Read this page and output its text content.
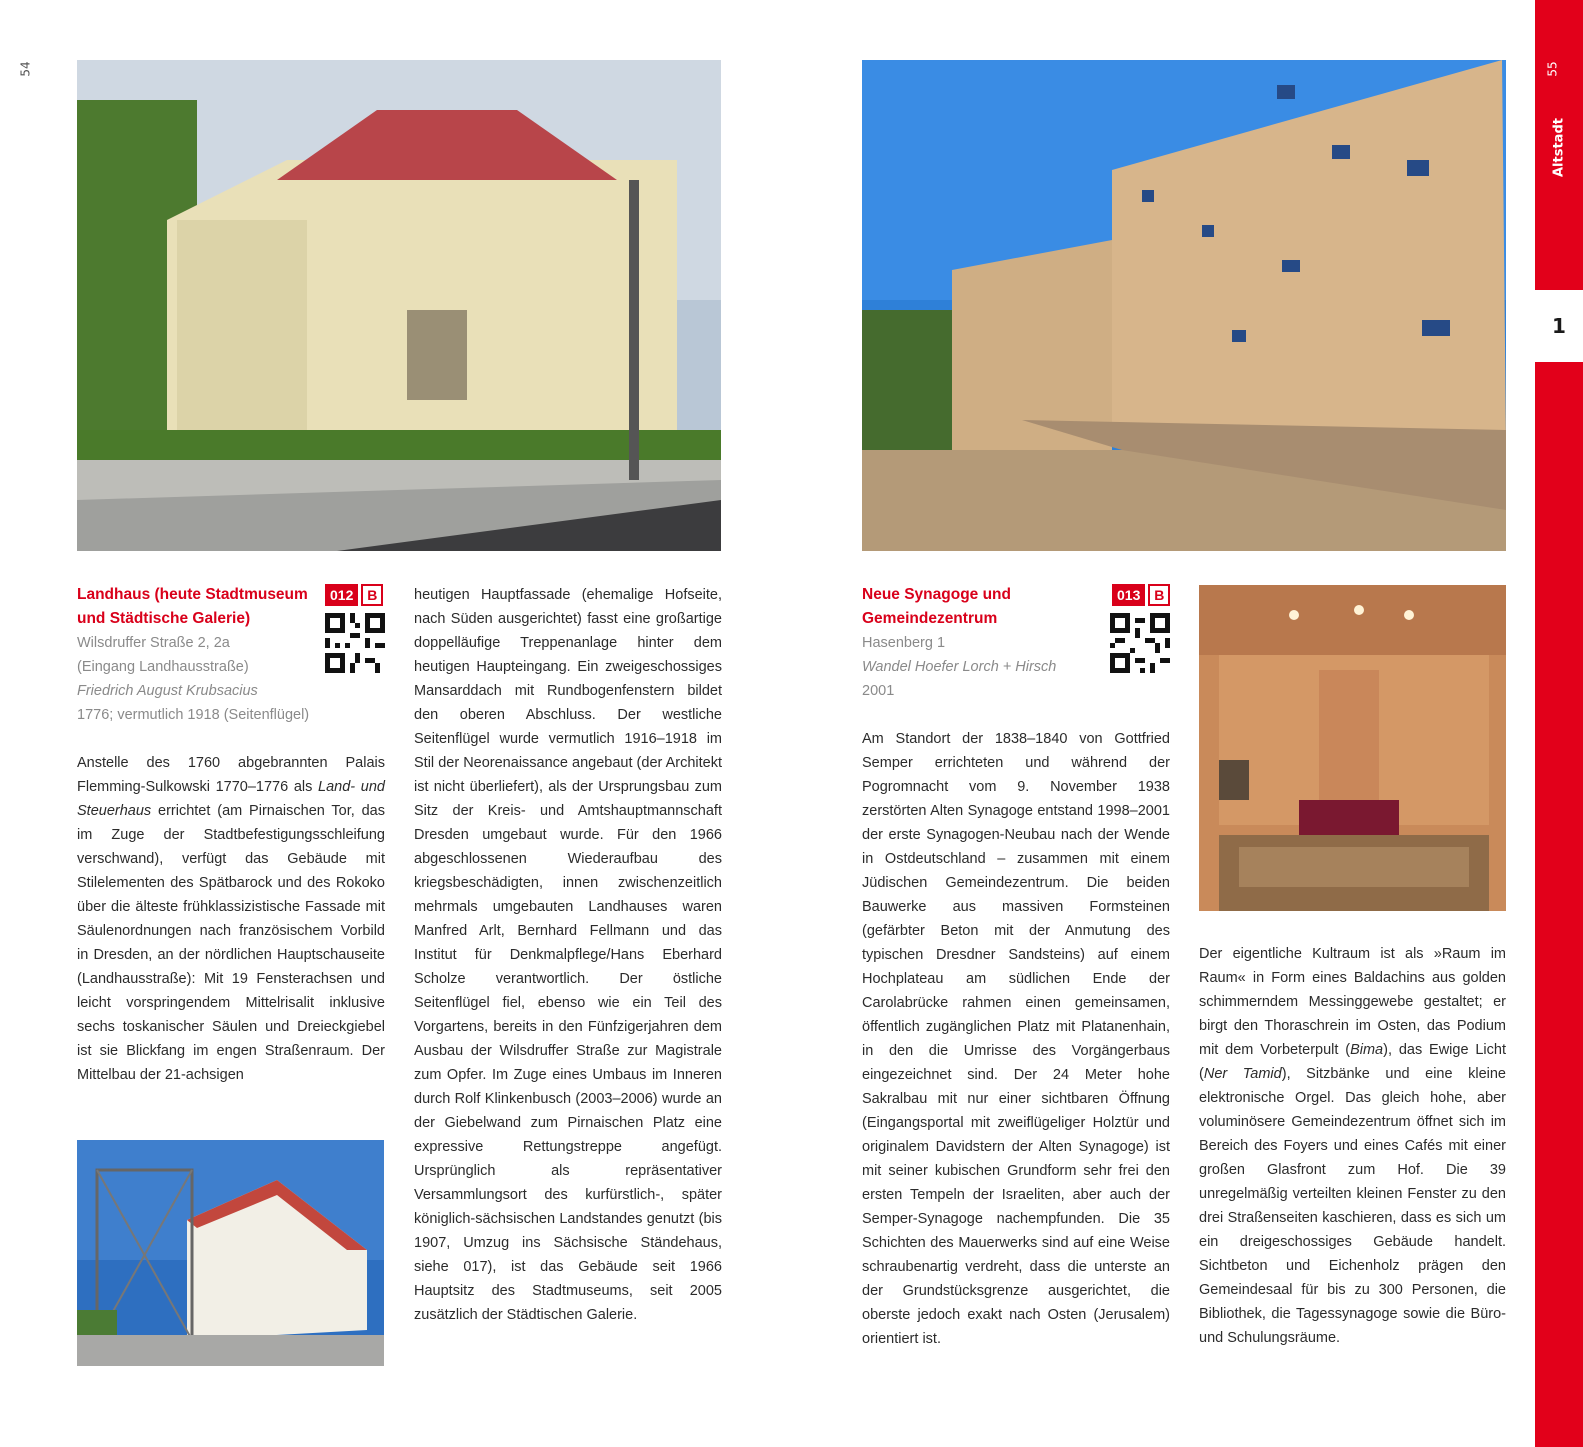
54	55
Altstadt
1
Landhaus (heute Stadtmuseum
und Städtische Galerie)
012 B
Wilsdruffer Straße 2, 2a
(Eingang Landhausstraße)
Friedrich August Krubsacius
1776; vermutlich 1918 (Seitenflügel)
Anstelle des 1760 abgebrannten Palais Flemming-Sulkowski 1770–1776 als Land- und Steuerhaus errichtet (am Pirnaischen Tor, das im Zuge der Stadtbefestigungsschleifung verschwand), verfügt das Gebäude mit Stilelementen des Spätbarock und des Rokoko über die älteste frühklassizistische Fassade mit Säulenordnungen nach französischem Vorbild in Dresden, an der nördlichen Hauptschauseite (Landhausstraße): Mit 19 Fensterachsen und leicht vorspringendem Mittelrisalit inklusive sechs toskanischer Säulen und Dreieckgiebel ist sie Blickfang im engen Straßenraum. Der Mittelbau der 21-achsigen
heutigen Hauptfassade (ehemalige Hofseite, nach Süden ausgerichtet) fasst eine großartige doppelläufige Treppenanlage hinter dem heutigen Haupteingang. Ein zweigeschossiges Mansarddach mit Rundbogenfenstern bildet den oberen Abschluss. Der westliche Seitenflügel wurde vermutlich 1916–1918 im Stil der Neorenaissance angebaut (der Architekt ist nicht überliefert), als der Ursprungsbau zum Sitz der Kreis- und Amtshauptmannschaft Dresden umgebaut wurde. Für den 1966 abgeschlossenen Wiederaufbau des kriegsbeschädigten, innen zwischenzeitlich mehrmals umgebauten Landhauses waren Manfred Arlt, Bernhard Fellmann und das Institut für Denkmalpflege/Hans Eberhard Scholze verantwortlich. Der östliche Seitenflügel fiel, ebenso wie ein Teil des Vorgartens, bereits in den Fünfzigerjahren dem Ausbau der Wilsdruffer Straße zur Magistrale zum Opfer. Im Zuge eines Umbaus im Inneren durch Rolf Klinkenbusch (2003–2006) wurde an der Giebelwand zum Pirnaischen Platz eine expressive Rettungstreppe angefügt. Ursprünglich als repräsentativer Versammlungsort des kurfürstlich-, später königlich-sächsischen Landstandes genutzt (bis 1907, Umzug ins Sächsische Ständehaus, siehe 017), ist das Gebäude seit 1966 Hauptsitz des Stadtmuseums, seit 2005 zusätzlich der Städtischen Galerie.
Neue Synagoge und
Gemeindezentrum
013 B
Hasenberg 1
Wandel Hoefer Lorch + Hirsch
2001
Am Standort der 1838–1840 von Gottfried Semper errichteten und während der Pogromnacht vom 9. November 1938 zerstörten Alten Synagoge entstand 1998–2001 der erste Synagogen-Neubau nach der Wende in Ostdeutschland – zusammen mit einem Jüdischen Gemeindezentrum. Die beiden Bauwerke aus massiven Formsteinen (gefärbter Beton mit der Anmutung des typischen Dresdner Sandsteins) auf einem Hochplateau am südlichen Ende der Carolabrücke rahmen einen gemeinsamen, öffentlich zugänglichen Platz mit Platanenhain, in den die Umrisse des Vorgängerbaus eingezeichnet sind. Der 24 Meter hohe Sakralbau mit nur einer sichtbaren Öffnung (Eingangsportal mit zweiflügeliger Holztür und originalem Davidstern der Alten Synagoge) ist mit seiner kubischen Grundform sehr frei den ersten Tempeln der Israeliten, aber auch der Semper-Synagoge nachempfunden. Die 35 Schichten des Mauerwerks sind auf eine Weise schraubenartig verdreht, dass die unterste an der Grundstücksgrenze ausgerichtet, die oberste jedoch exakt nach Osten (Jerusalem) orientiert ist.
Der eigentliche Kultraum ist als »Raum im Raum« in Form eines Baldachins aus golden schimmerndem Messinggewebe gestaltet; er birgt den Thoraschrein im Osten, das Podium mit dem Vorbeterpult (Bima), das Ewige Licht (Ner Tamid), Sitzbänke und eine kleine elektronische Orgel. Das gleich hohe, aber voluminösere Gemeindezentrum öffnet sich im Bereich des Foyers und eines Cafés mit einer großen Glasfront zum Hof. Die 39 unregelmäßig verteilten kleinen Fenster zu den drei Straßenseiten kaschieren, dass es sich um ein dreigeschossiges Gebäude handelt. Sichtbeton und Eichenholz prägen den Gemeindesaal für bis zu 300 Personen, die Bibliothek, die Tagessynagoge sowie die Büro- und Schulungsräume.
